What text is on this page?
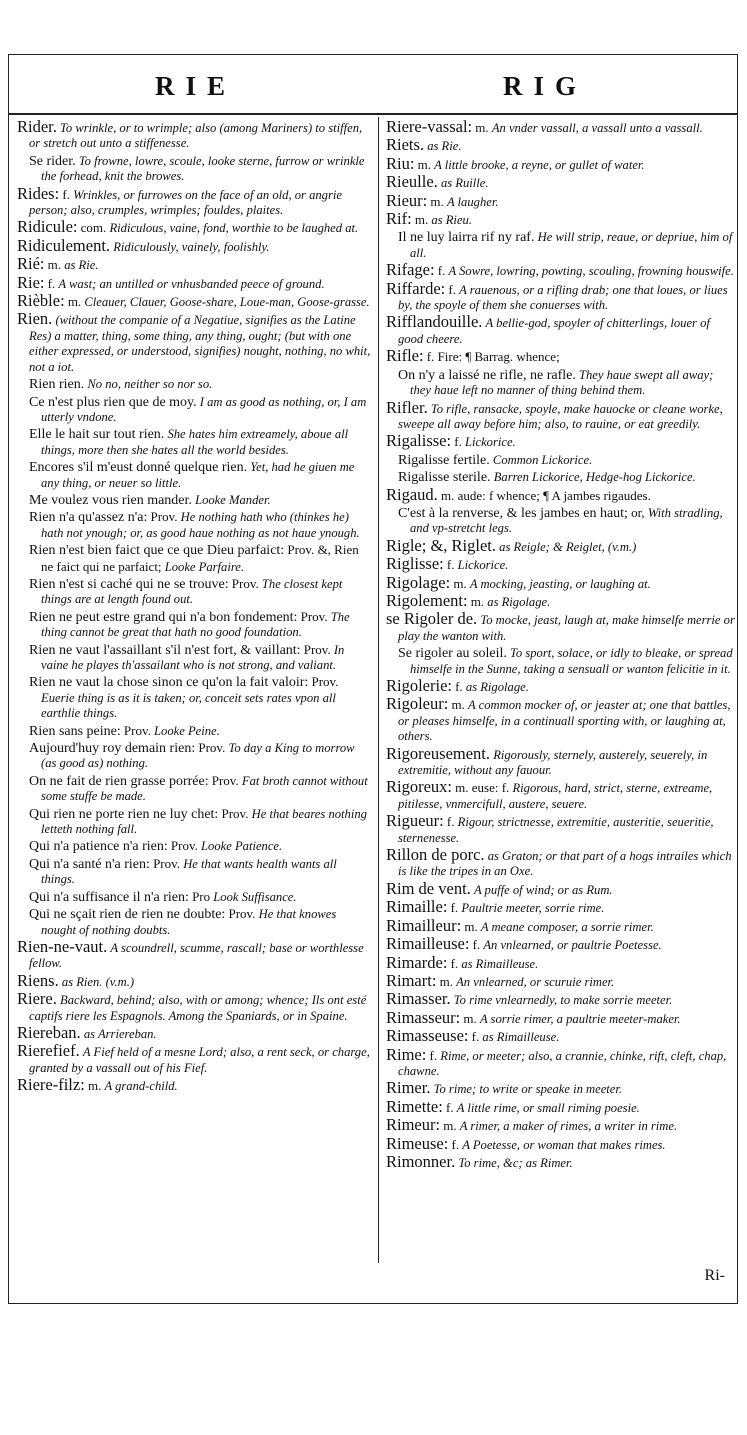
RIE	RIG
Rider. To wrinkle, or to wrimple; also (among Mariners) to stiffen, or stretch out unto a stiffenesse.
Se rider. To frowne, lowre, scoule, looke sterne, furrow or wrinkle the forhead, knit the browes.
Rides: f. Wrinkles, or furrowes on the face of an old, or angrie person; also, crumples, wrimples; fouldes, plaites.
Ridicule: com. Ridiculous, vaine, fond, worthie to be laughed at.
Ridiculement. Ridiculously, vainely, foolishly.
Rié: m. as Rie.
Rie: f. A wast; an untilled or vnhusbanded peece of ground.
Rièble: m. Cleauer, Clauer, Goose-share, Loue-man, Goose-grasse.
Rien. (without the companie of a Negatiue, signifies as the Latine Res) a matter, thing, some thing, any thing, ought; (but with one either expressed, or understood, signifies) nought, nothing, no whit, not a iot.
Rien rien. No no, neither so nor so.
Ce n'est plus rien que de moy. I am as good as nothing, or, I am utterly vndone.
Elle le hait sur tout rien. She hates him extreamely, aboue all things, more then she hates all the world besides.
Encores s'il m'eust donné quelque rien. Yet, had he giuen me any thing, or neuer so little.
Me voulez vous rien mander. Looke Mander.
Rien n'a qu'assez n'a: Prov. He nothing hath who (thinkes he) hath not ynough; or, as good haue nothing as not haue ynough.
Rien n'est bien faict que ce que Dieu parfaict: Prov. &, Rien ne faict qui ne parfaict; Looke Parfaire.
Rien n'est si caché qui ne se trouve: Prov. The closest kept things are at length found out.
Rien ne peut estre grand qui n'a bon fondement: Prov. The thing cannot be great that hath no good foundation.
Rien ne vaut l'assaillant s'il n'est fort, & vaillant: Prov. In vaine he playes th'assailant who is not strong, and valiant.
Rien ne vaut la chose sinon ce qu'on la fait valoir: Prov. Euerie thing is as it is taken; or, conceit sets rates vpon all earthlie things.
Rien sans peine: Prov. Looke Peine.
Aujourd'huy roy demain rien: Prov. To day a King to morrow (as good as) nothing.
On ne fait de rien grasse porrée: Prov. Fat broth cannot without some stuffe be made.
Qui rien ne porte rien ne luy chet: Prov. He that beares nothing letteth nothing fall.
Qui n'a patience n'a rien: Prov. Looke Patience.
Qui n'a santé n'a rien: Prov. He that wants health wants all things.
Qui n'a suffisance il n'a rien: Pro Look Suffisance.
Qui ne sçait rien de rien ne doubte: Prov. He that knowes nought of nothing doubts.
Rien-ne-vaut. A scoundrell, scumme, rascall; base or worthlesse fellow.
Riens. as Rien. (v.m.)
Riere. Backward, behind; also, with or among; whence; Ils ont esté captifs riere les Espagnols. Among the Spaniards, or in Spaine.
Riereban. as Arriereban.
Rierefief. A Fief held of a mesne Lord; also, a rent seck, or charge, granted by a vassall out of his Fief.
Riere-filz: m. A grand-child.
Riere-vassal: m. An vnder vassall, a vassall unto a vassall.
Riets. as Rie.
Riu: m. A little brooke, a reyne, or gullet of water.
Rieulle. as Ruille.
Rieur: m. A laugher.
Rif: m. as Rieu.
Il ne luy lairra rif ny raf. He will strip, reaue, or depriue, him of all.
Rifage: f. A Sowre, lowring, powting, scouling, frowning houswife.
Riffarde: f. A rauenous, or a rifling drab; one that loues, or liues by, the spoyle of them she conuerses with.
Rifflandouille. A bellie-god, spoyler of chitterlings, louer of good cheere.
Rifle: f. Fire: ¶ Barrag. whence;
On n'y a laissé ne rifle, ne rafle. They haue swept all away; they haue left no manner of thing behind them.
Rifler. To rifle, ransacke, spoyle, make hauocke or cleane worke, sweepe all away before him; also, to rauine, or eat greedily.
Rigalisse: f. Lickorice.
Rigalisse fertile. Common Lickorice.
Rigalisse sterile. Barren Lickorice, Hedge-hog Lickorice.
Rigaud. m. aude: f whence; ¶ A jambes rigaudes.
C'est à la renverse, & les jambes en haut; or, With stradling, and vp-stretcht legs.
Rigle; &, Riglet. as Reigle; & Reiglet, (v.m.)
Riglisse: f. Lickorice.
Rigolage: m. A mocking, jeasting, or laughing at.
Rigolement: m. as Rigolage.
se Rigoler de. To mocke, jeast, laugh at, make himselfe merrie or play the wanton with.
Se rigoler au soleil. To sport, solace, or idly to bleake, or spread himselfe in the Sunne, taking a sensuall or wanton felicitie in it.
Rigolerie: f. as Rigolage.
Rigoleur: m. A common mocker of, or jeaster at; one that battles, or pleases himselfe, in a continuall sporting with, or laughing at, others.
Rigoreusement. Rigorously, sternely, austerely, seuerely, in extremitie, without any fauour.
Rigoreux: m. euse: f. Rigorous, hard, strict, sterne, extreame, pitilesse, vnmercifull, austere, seuere.
Rigueur: f. Rigour, strictnesse, extremitie, austeritie, seueritie, sternenesse.
Rillon de porc. as Graton; or that part of a hogs intrailes which is like the tripes in an Oxe.
Rim de vent. A puffe of wind; or as Rum.
Rimaille: f. Paultrie meeter, sorrie rime.
Rimailleur: m. A meane composer, a sorrie rimer.
Rimailleuse: f. An vnlearned, or paultrie Poetesse.
Rimarde: f. as Rimailleuse.
Rimart: m. An vnlearned, or scuruie rimer.
Rimasser. To rime vnlearnedly, to make sorrie meeter.
Rimasseur: m. A sorrie rimer, a paultrie meeter-maker.
Rimasseuse: f. as Rimailleuse.
Rime: f. Rime, or meeter; also, a crannie, chinke, rift, cleft, chap, chawne.
Rimer. To rime; to write or speake in meeter.
Rimette: f. A little rime, or small riming poesie.
Rimeur: m. A rimer, a maker of rimes, a writer in rime.
Rimeuse: f. A Poetesse, or woman that makes rimes.
Rimonner. To rime, &c; as Rimer.
Ri-
